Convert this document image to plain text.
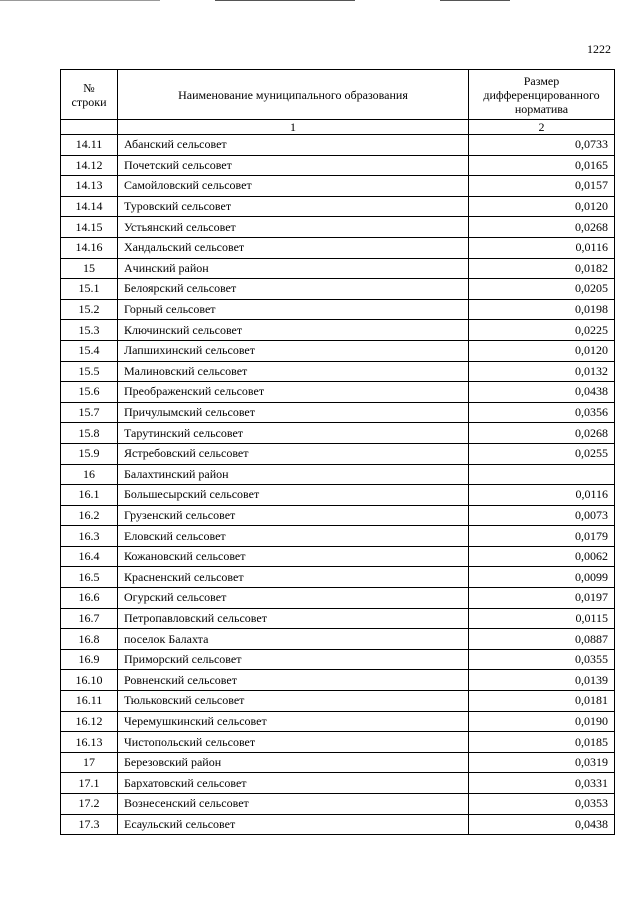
1222
№ строки	Наименование муниципального образования	Размер дифференцированного норматива
	1	2
14.11	Абанский сельсовет	0,0733
14.12	Почетский сельсовет	0,0165
14.13	Самойловский сельсовет	0,0157
14.14	Туровский сельсовет	0,0120
14.15	Устьянский сельсовет	0,0268
14.16	Хандальский сельсовет	0,0116
15	Ачинский район	0,0182
15.1	Белоярский сельсовет	0,0205
15.2	Горный сельсовет	0,0198
15.3	Ключинский сельсовет	0,0225
15.4	Лапшихинский сельсовет	0,0120
15.5	Малиновский сельсовет	0,0132
15.6	Преображенский сельсовет	0,0438
15.7	Причулымский сельсовет	0,0356
15.8	Тарутинский сельсовет	0,0268
15.9	Ястребовский сельсовет	0,0255
16	Балахтинский район	
16.1	Большесырский сельсовет	0,0116
16.2	Грузенский сельсовет	0,0073
16.3	Еловский сельсовет	0,0179
16.4	Кожановский сельсовет	0,0062
16.5	Красненский сельсовет	0,0099
16.6	Огурский сельсовет	0,0197
16.7	Петропавловский сельсовет	0,0115
16.8	поселок Балахта	0,0887
16.9	Приморский сельсовет	0,0355
16.10	Ровненский сельсовет	0,0139
16.11	Тюльковский сельсовет	0,0181
16.12	Черемушкинский сельсовет	0,0190
16.13	Чистопольский сельсовет	0,0185
17	Березовский район	0,0319
17.1	Бархатовский сельсовет	0,0331
17.2	Вознесенский сельсовет	0,0353
17.3	Есаульский сельсовет	0,0438
